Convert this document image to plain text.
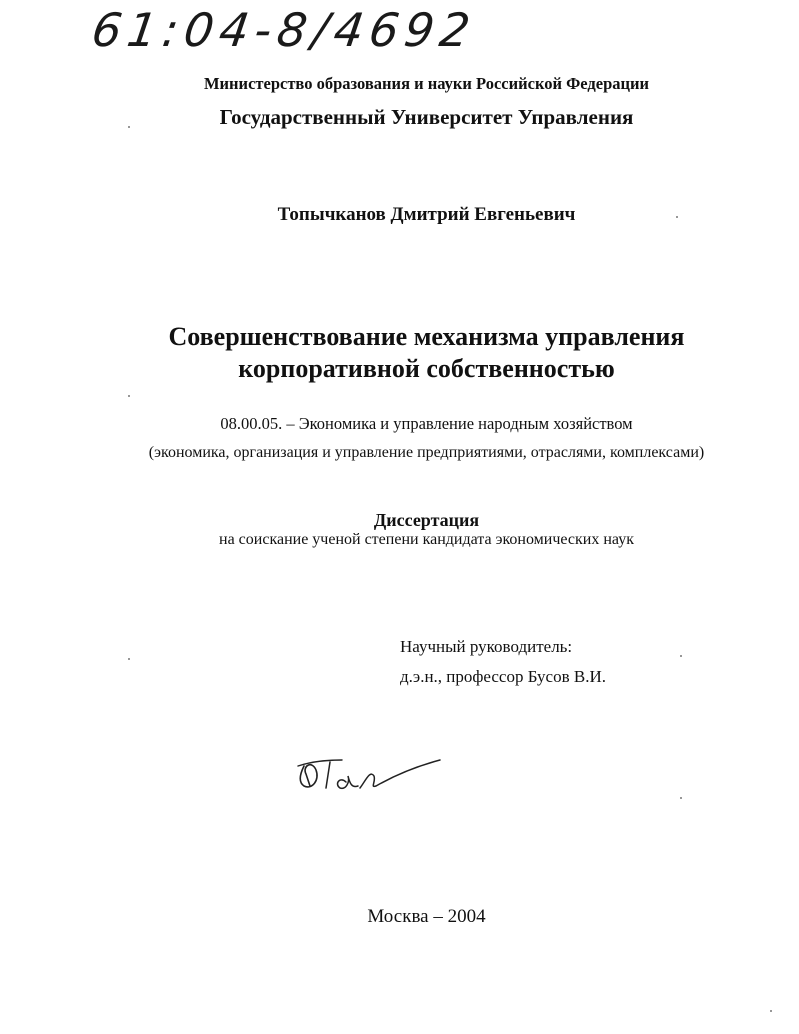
61:04-8/4692
Министерство образования и науки Российской Федерации
Государственный Университет Управления
Топычканов Дмитрий Евгеньевич
Совершенствование механизма управления
корпоративной собственностью
08.00.05. – Экономика и управление народным хозяйством
(экономика, организация и управление предприятиями, отраслями, комплексами)
Диссертация
на соискание ученой степени кандидата экономических наук
Научный руководитель:
д.э.н., профессор Бусов В.И.
Москва – 2004
